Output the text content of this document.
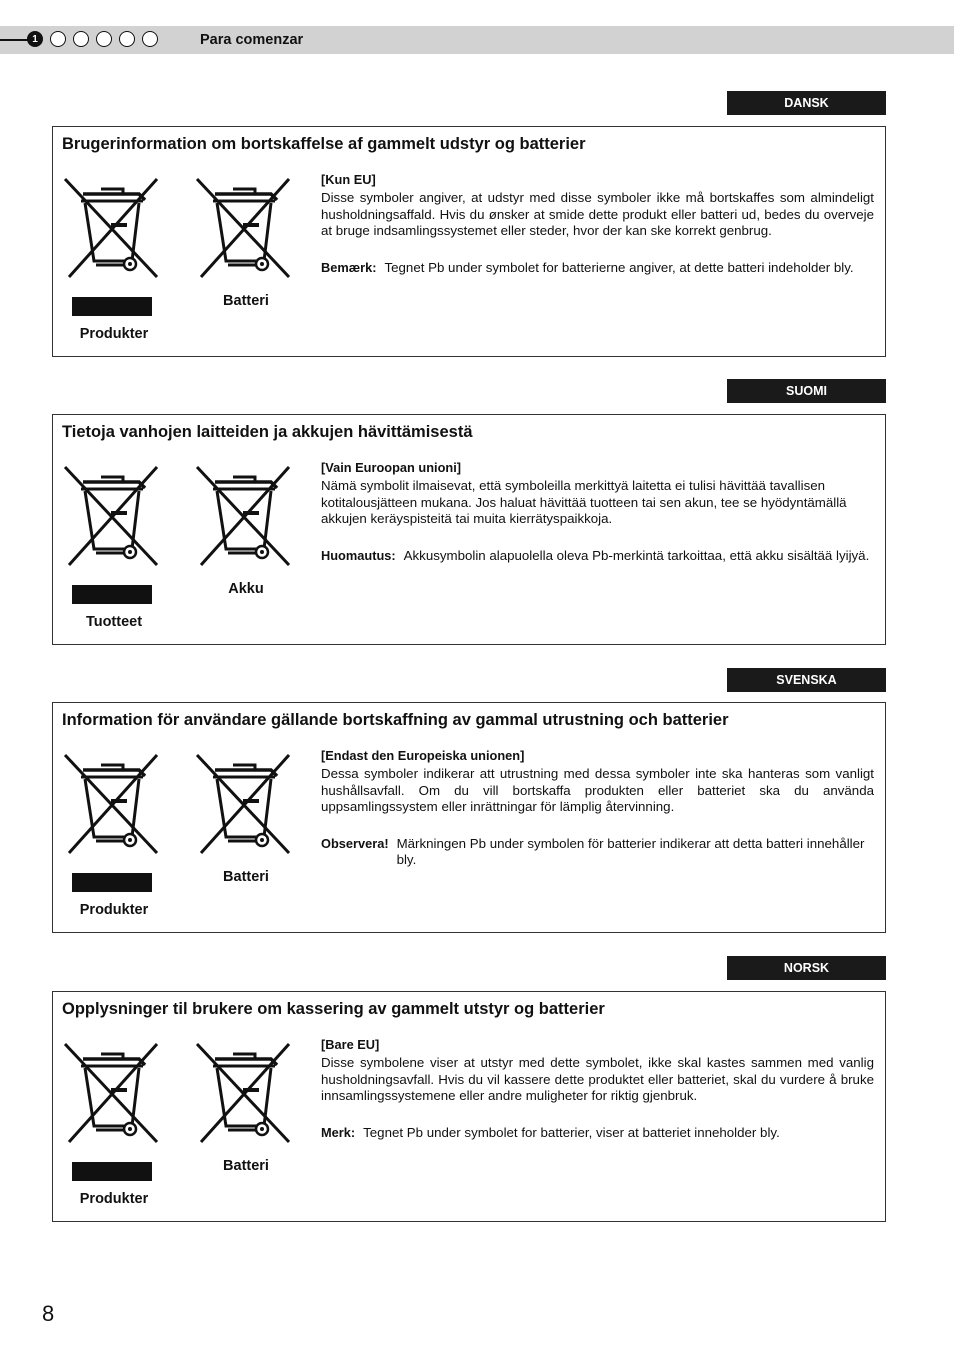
1	Para comenzar
DANSK
Brugerinformation om bortskaffelse af gammelt udstyr og batterier
Produkter
Batteri
[Kun EU]
Disse symboler angiver, at udstyr med disse symboler ikke må bortskaffes som almindeligt husholdningsaffald. Hvis du ønsker at smide dette produkt eller batteri ud, bedes du overveje at bruge indsamlingssystemet eller steder, hvor der kan ske korrekt genbrug.
Bemærk: Tegnet Pb under symbolet for batterierne angiver, at dette batteri indeholder bly.
SUOMI
Tietoja vanhojen laitteiden ja akkujen hävittämisestä
Tuotteet
Akku
[Vain Euroopan unioni]
Nämä symbolit ilmaisevat, että symboleilla merkittyä laitetta ei tulisi hävittää tavallisen kotitalousjätteen mukana. Jos haluat hävittää tuotteen tai sen akun, tee se hyödyntämällä akkujen keräyspisteitä tai muita kierrätyspaikkoja.
Huomautus: Akkusymbolin alapuolella oleva Pb-merkintä tarkoittaa, että akku sisältää lyijyä.
SVENSKA
Information för användare gällande bortskaffning av gammal utrustning och batterier
Produkter
Batteri
[Endast den Europeiska unionen]
Dessa symboler indikerar att utrustning med dessa symboler inte ska hanteras som vanligt hushållsavfall. Om du vill bortskaffa produkten eller batteriet ska du använda uppsamlingssystem eller inrättningar för lämplig återvinning.
Observera! Märkningen Pb under symbolen för batterier indikerar att detta batteri innehåller bly.
NORSK
Opplysninger til brukere om kassering av gammelt utstyr og batterier
Produkter
Batteri
[Bare EU]
Disse symbolene viser at utstyr med dette symbolet, ikke skal kastes sammen med vanlig husholdningsavfall. Hvis du vil kassere dette produktet eller batteriet, skal du vurdere å bruke innsamlingssystemene eller andre muligheter for riktig gjenbruk.
Merk: Tegnet Pb under symbolet for batterier, viser at batteriet inneholder bly.
8
